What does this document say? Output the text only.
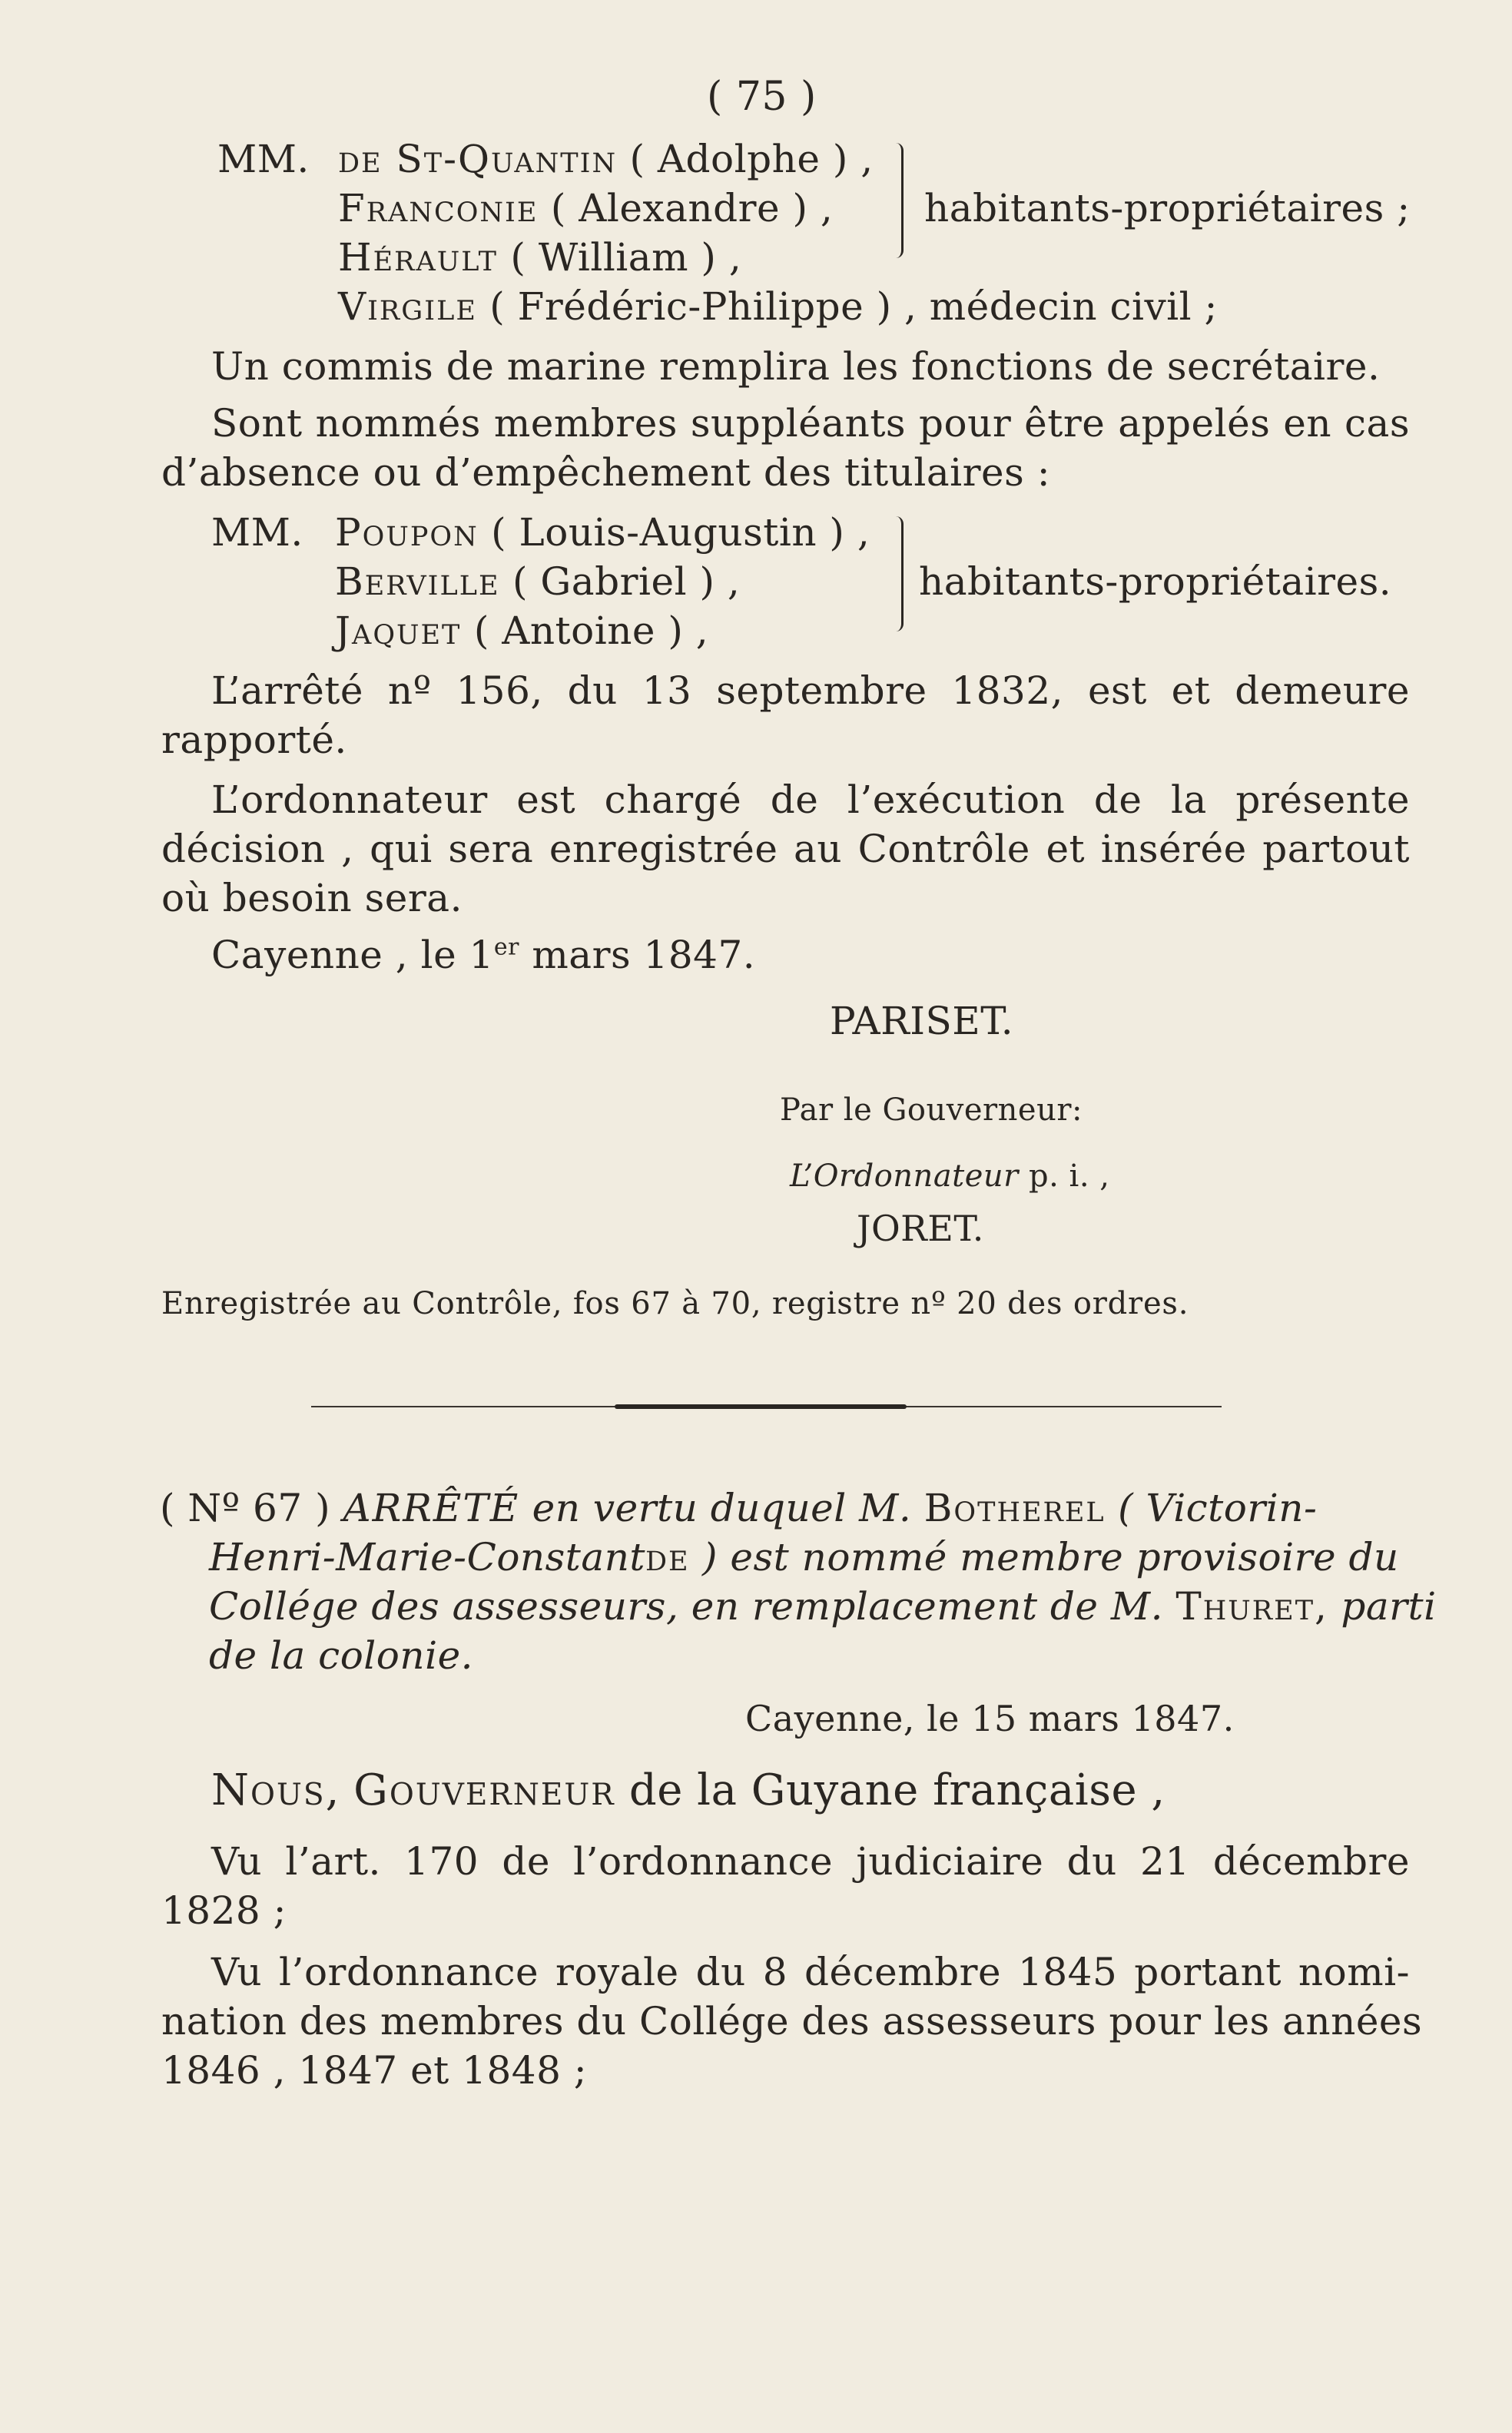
( 75 )
MM. de St-Quantin ( Adolphe ) ,
Franconie ( Alexandre ) ,
Hérault ( William ) ,
habitants-propriétaires ;
Virgile ( Frédéric-Philippe ) , médecin civil ;
Un commis de marine remplira les fonctions de secrétaire.
Sont nommés membres suppléants pour être appelés en cas
d’absence ou d’empêchement des titulaires :
MM. Poupon ( Louis-Augustin ) ,
Berville ( Gabriel ) ,
Jaquet ( Antoine ) ,
habitants-propriétaires.
L’arrêté nº 156, du 13 septembre 1832, est et demeure
rapporté.
L’ordonnateur est chargé de l’exécution de la présente
décision , qui sera enregistrée au Contrôle et insérée partout
où besoin sera.
Cayenne , le 1er mars 1847.
PARISET.
Par le Gouverneur:
L’Ordonnateur p. i. ,
JORET.
Enregistrée au Contrôle, fos 67 à 70, registre nº 20 des ordres.
( Nº 67 ) ARRÊTÉ en vertu duquel M. Botherel ( Victorin-
Henri-Marie-Constantde ) est nommé membre provisoire du
Collége des assesseurs, en remplacement de M. Thuret, parti
de la colonie.
Cayenne, le 15 mars 1847.
Nous, Gouverneur de la Guyane française ,
Vu l’art. 170 de l’ordonnance judiciaire du 21 décembre
1828 ;
Vu l’ordonnance royale du 8 décembre 1845 portant nomi-
nation des membres du Collége des assesseurs pour les années
1846 , 1847 et 1848 ;
